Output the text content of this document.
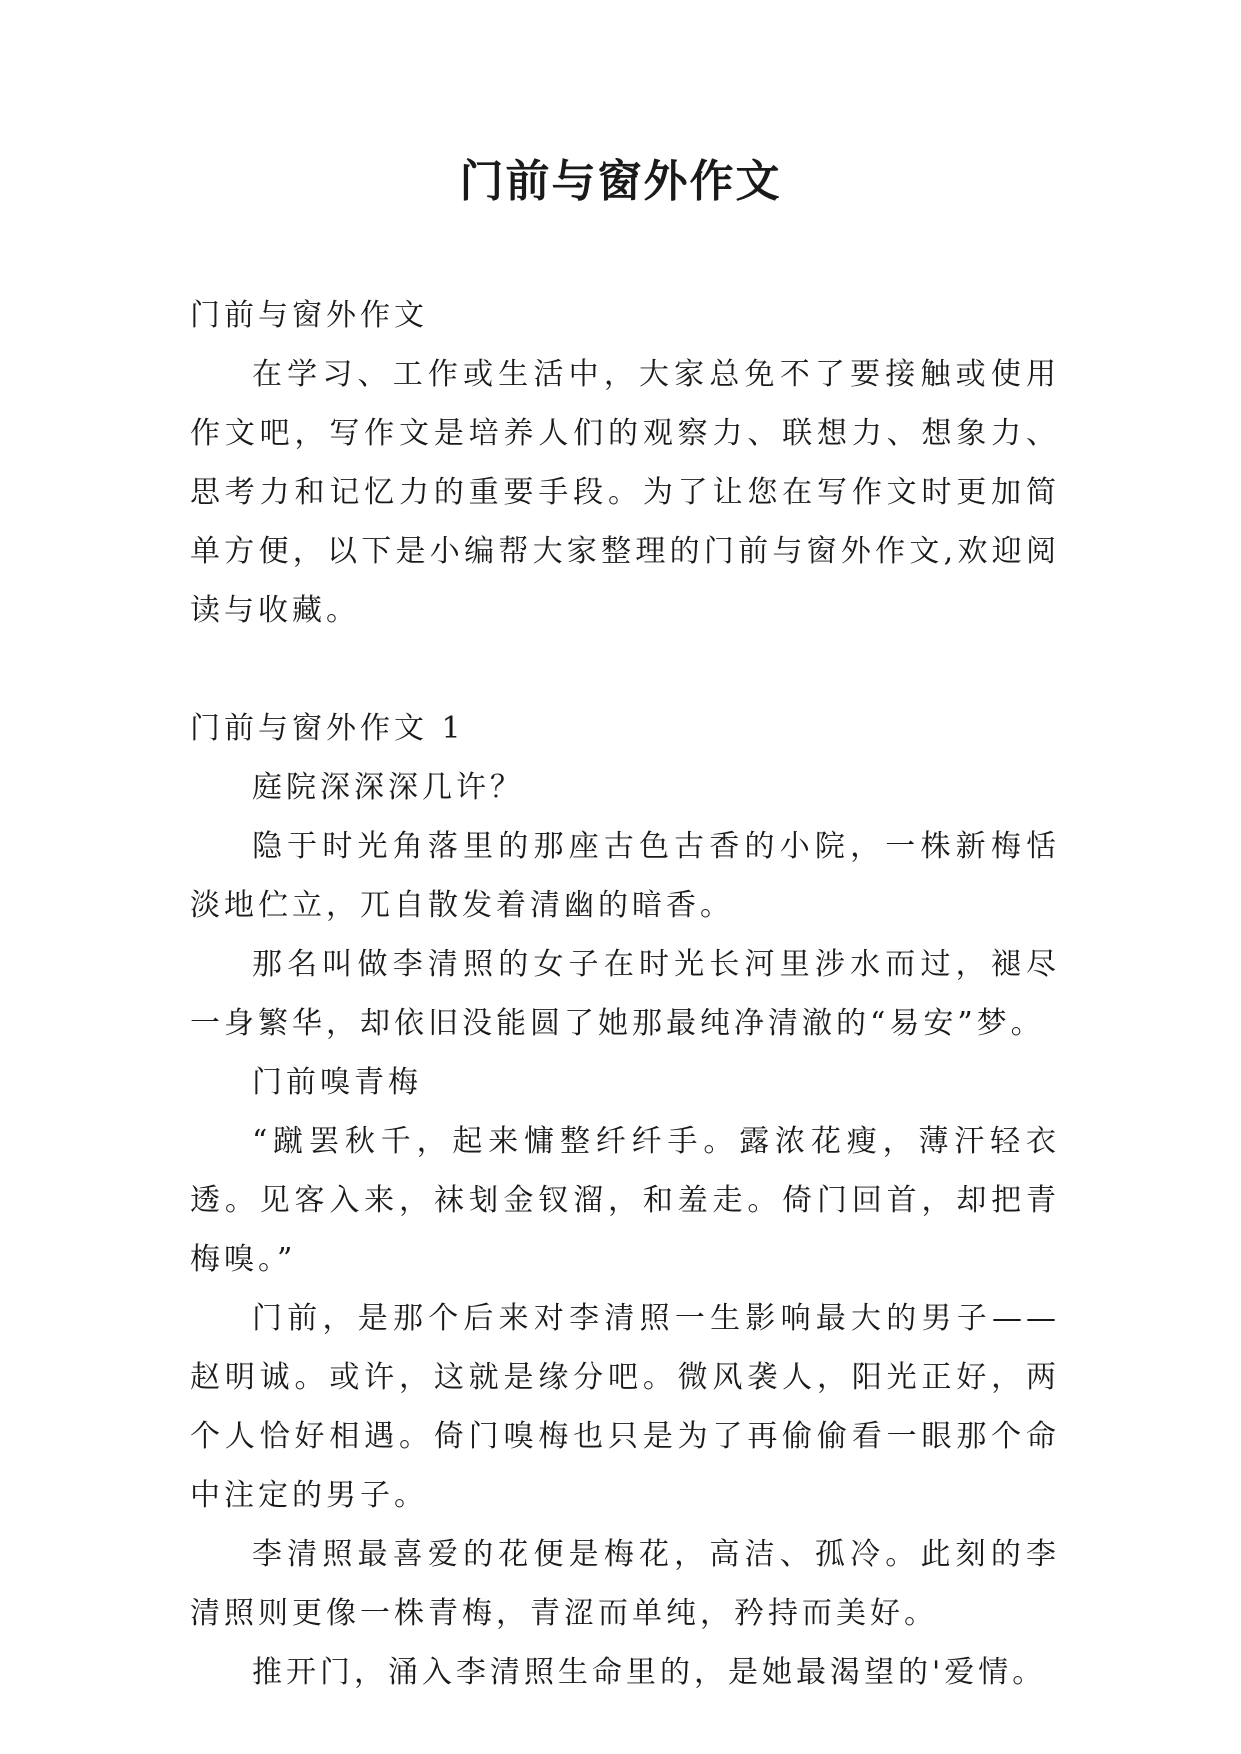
门前与窗外作文

门前与窗外作文

在学习、工作或生活中，大家总免不了要接触或使用作文吧，写作文是培养人们的观察力、联想力、想象力、思考力和记忆力的重要手段。为了让您在写作文时更加简单方便，以下是小编帮大家整理的门前与窗外作文,欢迎阅读与收藏。

门前与窗外作文 1

庭院深深深几许？

隐于时光角落里的那座古色古香的小院，一株新梅恬淡地伫立，兀自散发着清幽的暗香。

那名叫做李清照的女子在时光长河里涉水而过，褪尽一身繁华，却依旧没能圆了她那最纯净清澈的“易安”梦。

门前嗅青梅

“蹴罢秋千，起来慵整纤纤手。露浓花瘦，薄汗轻衣透。见客入来，袜刬金钗溜，和羞走。倚门回首，却把青梅嗅。”

门前，是那个后来对李清照一生影响最大的男子——赵明诚。或许，这就是缘分吧。微风袭人，阳光正好，两个人恰好相遇。倚门嗅梅也只是为了再偷偷看一眼那个命中注定的男子。

李清照最喜爱的花便是梅花，高洁、孤冷。此刻的李清照则更像一株青梅，青涩而单纯，矜持而美好。

推开门，涌入李清照生命里的，是她最渴望的'爱情。
